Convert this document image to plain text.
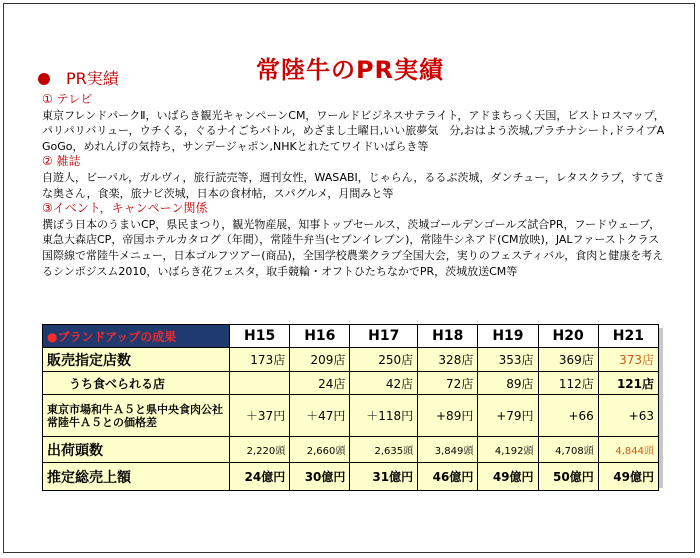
常陸牛のPR実績
PR実績
① テレビ
東京フレンドパークⅡ，いばらき観光キャンペーンCM，ワールドビジネスサテライト，アドまちっく天国，ビストロスマップ，パリパリバリュー，ウチくる，ぐるナイごちバトル，めざまし土曜日,いい旅夢気　分,おはよう茨城,プラチナシート,ドライブA　GoGo，めれんげの気持ち，サンデージャポン,NHKとれたてワイドいばらき等
② 雑誌
自遊人，ビーパル，ガルヴィ，旅行読売等，週刊女性，WASABI，じゃらん，るるぶ茨城，ダンチュー，レタスクラブ，すてきな奥さん，食楽，旅ナビ茨城，日本の食材帖，スパグルメ，月間みと等
③イベント，キャンペーン関係
撰ぼう日本のうまいCP，県民まつり，観光物産展，知事トップセールス，茨城ゴールデンゴールズ試合PR，フードウェーブ，東急大森店CP，帝国ホテルカタログ（年間），常陸牛弁当(セブンイレブン)，常陸牛シネアド(CM放映)，JALファーストクラス国際線で常陸牛メニュー，日本ゴルフツアー(商品)，全国学校農業クラブ全国大会，実りのフェスティバル，食肉と健康を考えるシンポジスム2010，いばらき花フェスタ，取手競輪・オフトひたちなかでPR，茨城放送CM等
●ブランドアップの成果	H15	H16	H17	H18	H19	H20	H21
販売指定店数	173店	209店	250店	328店	353店	369店	373店
うち食べられる店		24店	42店	72店	89店	112店	121店
東京市場和牛Ａ５と県中央食肉公社常陸牛Ａ５との価格差	＋37円	＋47円	＋118円	+89円	+79円	+66	+63
出荷頭数	2,220頭	2,660頭	2,635頭	3,849頭	4,192頭	4,708頭	4,844頭
推定総売上額	24億円	30億円	31億円	46億円	49億円	50億円	49億円
